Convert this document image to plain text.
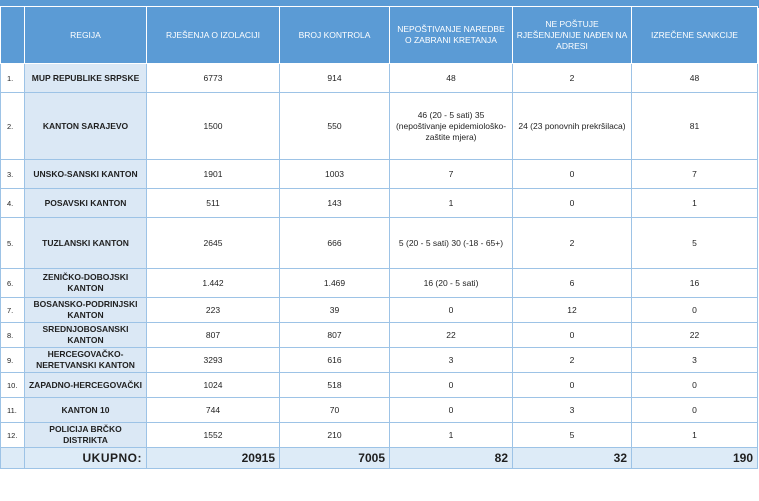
	REGIJA	RJEŠENJA O IZOLACIJI	BROJ KONTROLA	NEPOŠTIVANJE NAREDBE O ZABRANI KRETANJA	NE POŠTUJE RJEŠENJE/NIJE NAĐEN NA ADRESI	IZREČENE SANKCIJE
1.	MUP REPUBLIKE SRPSKE	6773	914	48	2	48
2.	KANTON SARAJEVO	1500	550	46 (20 - 5 sati) 35 (nepoštivanje epidemiološko-zaštite mjera)	24 (23 ponovnih prekršilaca)	81
3.	UNSKO-SANSKI KANTON	1901	1003	7	0	7
4.	POSAVSKI KANTON	511	143	1	0	1
5.	TUZLANSKI KANTON	2645	666	5 (20 - 5 sati) 30 (-18 - 65+)	2	5
6.	ZENIČKO-DOBOJSKI KANTON	1.442	1.469	16 (20 - 5 sati)	6	16
7.	BOSANSKO-PODRINJSKI KANTON	223	39	0	12	0
8.	SREDNJOBOSANSKI KANTON	807	807	22	0	22
9.	HERCEGOVAČKO-NERETVANSKI KANTON	3293	616	3	2	3
10.	ZAPADNO-HERCEGOVAČKI	1024	518	0	0	0
11.	KANTON 10	744	70	0	3	0
12.	POLICIJA BRČKO DISTRIKTA	1552	210	1	5	1
	UKUPNO:	20915	7005	82	32	190
